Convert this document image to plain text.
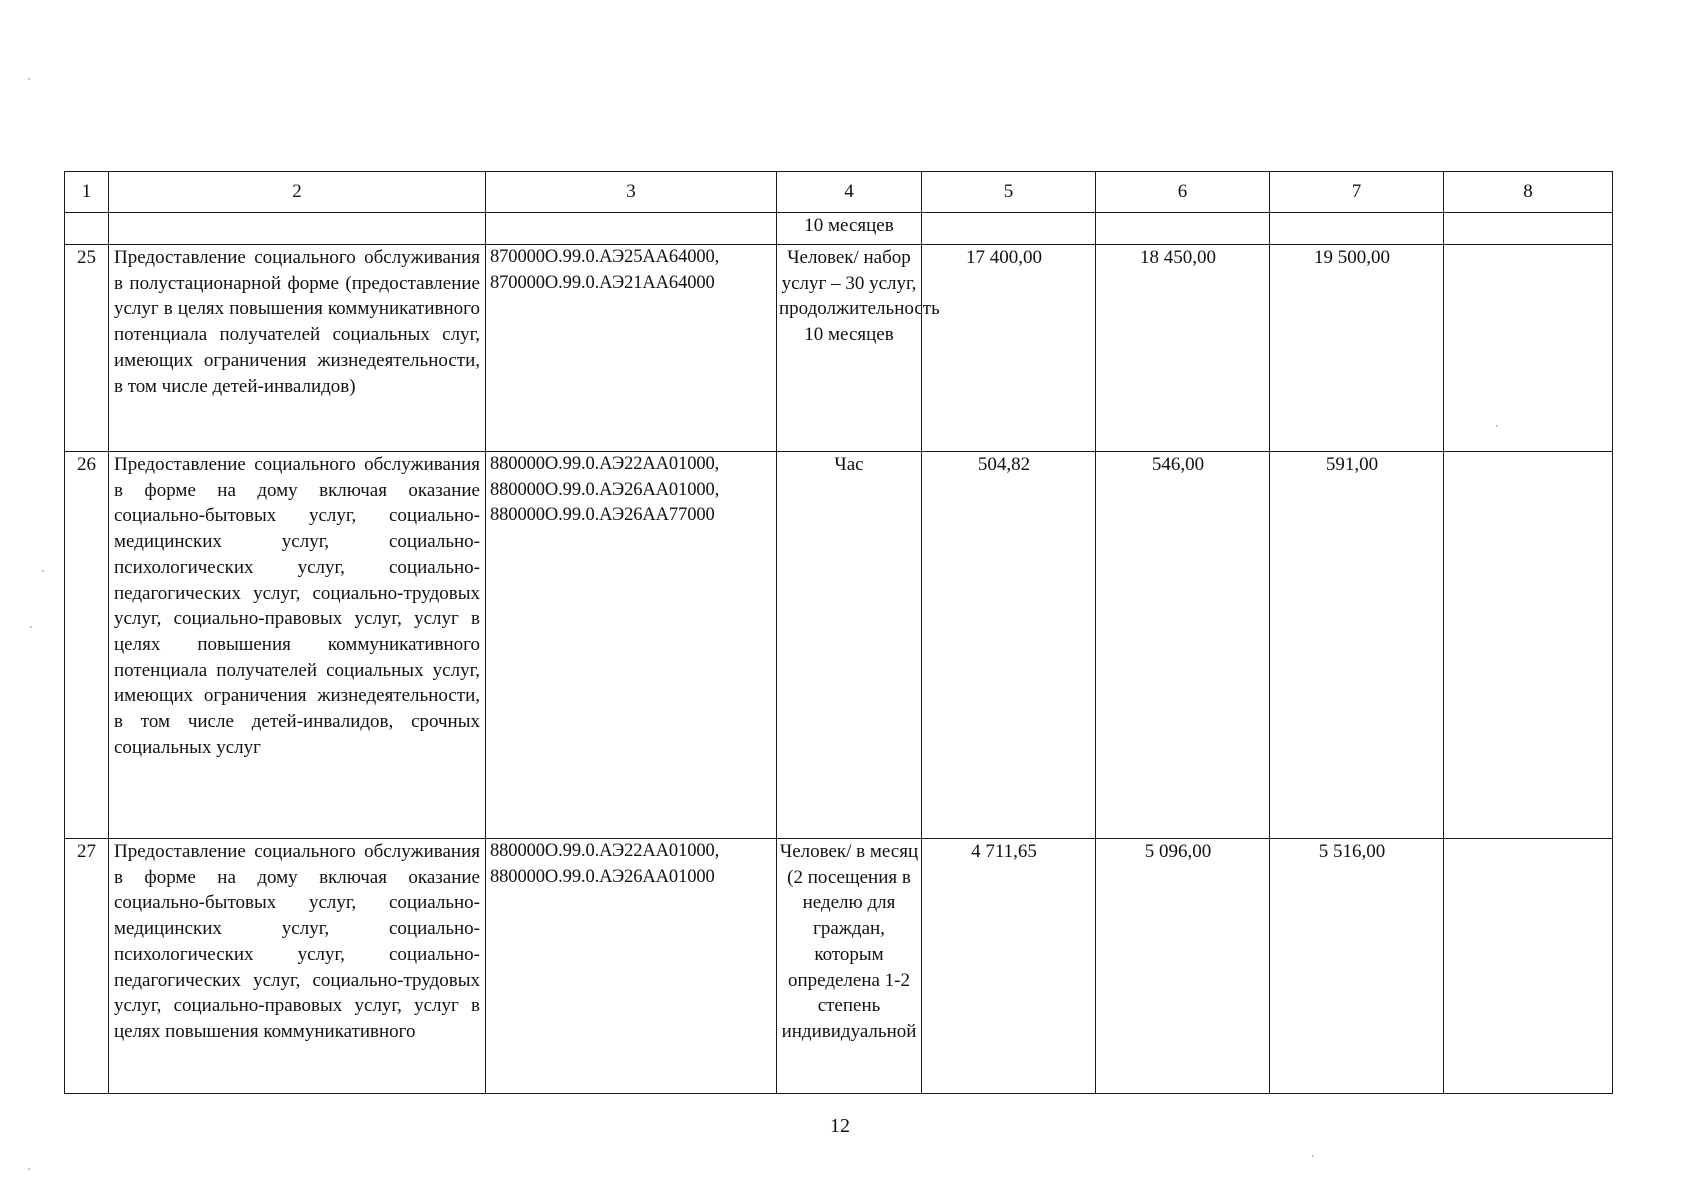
1	2	3	4	5	6	7	8
			10 месяцев				
25	Предоставление социального обслуживания в полустационарной форме (предоставление услуг в целях повышения коммуникативного потенциала получателей социальных слуг, имеющих ограничения жизнедеятельности, в том числе детей-инвалидов)	870000О.99.0.АЭ25АА64000, 870000О.99.0.АЭ21АА64000	Человек/ набор услуг – 30 услуг, продолжительность 10 месяцев	17 400,00	18 450,00	19 500,00	
26	Предоставление социального обслуживания в форме на дому включая оказание социально-бытовых услуг, социально-медицинских услуг, социально-психологических услуг, социально-педагогических услуг, социально-трудовых услуг, социально-правовых услуг, услуг в целях повышения коммуникативного потенциала получателей социальных услуг, имеющих ограничения жизнедеятельности, в том числе детей-инвалидов, срочных социальных услуг	880000О.99.0.АЭ22АА01000, 880000О.99.0.АЭ26АА01000, 880000О.99.0.АЭ26АА77000	Час	504,82	546,00	591,00	
27	Предоставление социального обслуживания в форме на дому включая оказание социально-бытовых услуг, социально-медицинских услуг, социально-психологических услуг, социально-педагогических услуг, социально-трудовых услуг, социально-правовых услуг, услуг в целях повышения коммуникативного	880000О.99.0.АЭ22АА01000, 880000О.99.0.АЭ26АА01000	Человек/ в месяц (2 посещения в неделю для граждан, которым определена 1-2 степень индивидуальной	4 711,65	5 096,00	5 516,00	
12
